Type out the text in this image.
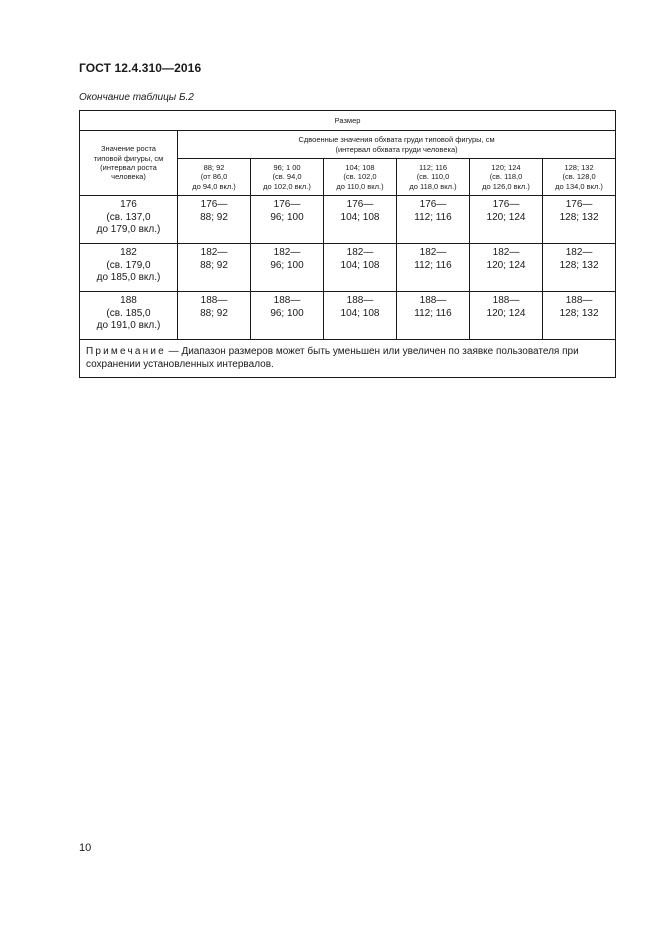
ГОСТ 12.4.310—2016
Окончание таблицы Б.2
Размер						

Значение роста
типовой фигуры, см
(интервал роста
человека)	Сдвоенные значения обхвата груди типовой фигуры, см
(интервал обхвата груди человека)					

	88; 92
(от 86,0
до 94,0 вкл.)	96; 1 00
(св. 94,0
до 102,0 вкл.)	104; 108
(св. 102,0
до 110,0 вкл.)	112; 116
(св. 110,0
до 118,0 вкл.)	120; 124
(св. 118,0
до 126,0 вкл.)	128; 132
(св. 128,0
до 134,0 вкл.)

176
(св. 137,0
до 179,0 вкл.)	176—
88; 92	176—
96; 100	176—
104; 108	176—
112; 116	176—
120; 124	176—
128; 132

182
(св. 179,0
до 185,0 вкл.)	182—
88; 92	182—
96; 100	182—
104; 108	182—
112; 116	182—
120; 124	182—
128; 132

188
(св. 185,0
до 191,0 вкл.)	188—
88; 92	188—
96; 100	188—
104; 108	188—
112; 116	188—
120; 124	188—
128; 132

Примечание — Диапазон размеров может быть уменьшен или увеличен по заявке пользователя при сохранении установленных интервалов.						
10
